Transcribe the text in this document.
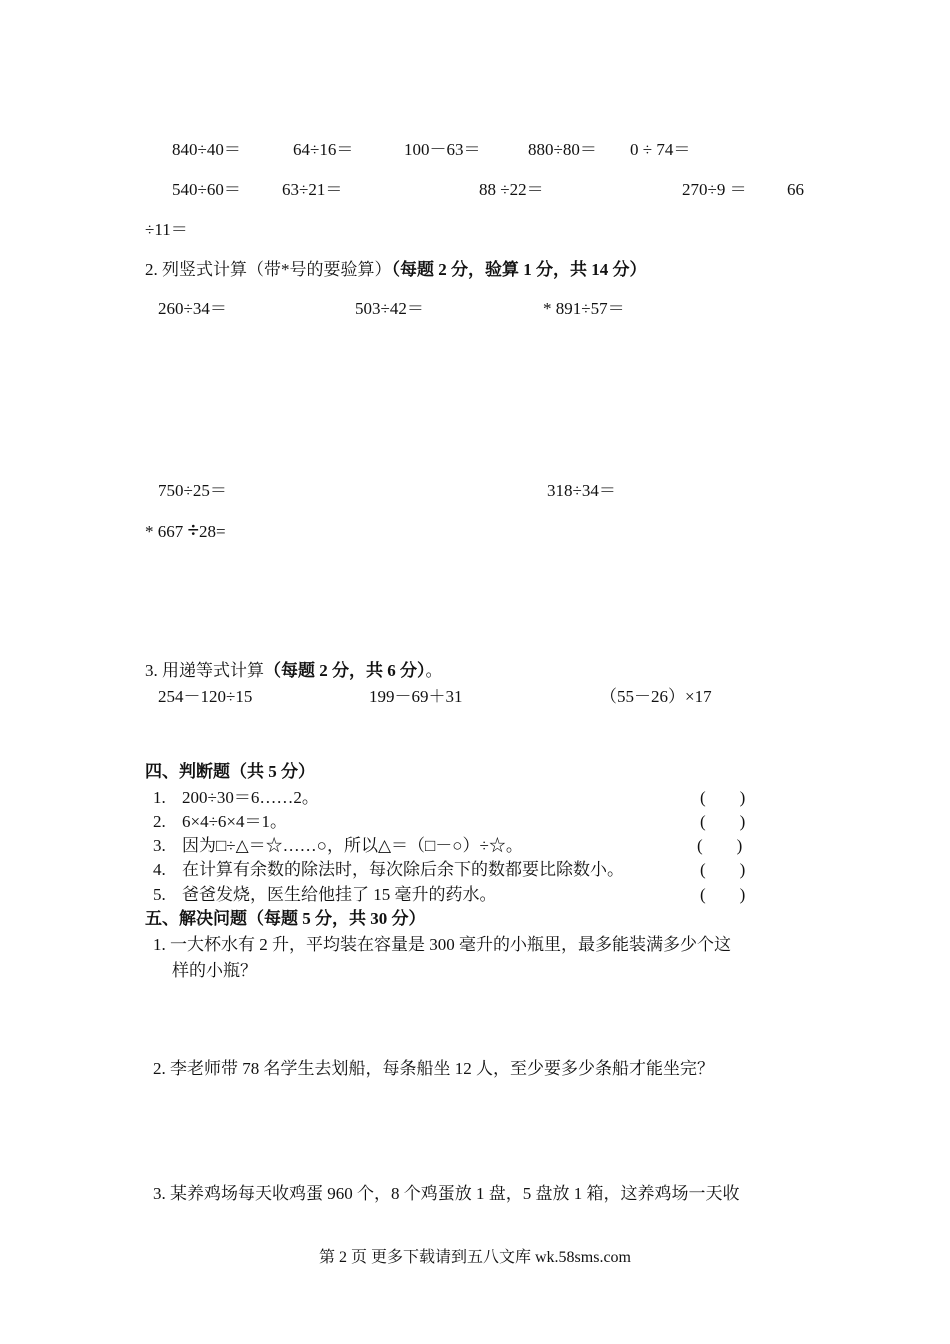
840÷40＝	64÷16＝	100－63＝	880÷80＝ 0 ÷ 74＝
540÷60＝ 63÷21＝	88 ÷22＝	270÷9 ＝ 66
÷11＝
2. 列竖式计算（带*号的要验算）（每题 2 分，验算 1 分，共 14 分）
260÷34＝	503÷42＝	* 891÷57＝
750÷25＝	318÷34＝
* 667 ÷28=
3. 用递等式计算（每题 2 分，共 6 分）。
254－120÷15	199－69＋31	（55－26）×17
四、判断题（共 5 分）
1. 200÷30＝6……2。	(        )
2. 6×4÷6×4＝1。	(        )
3. 因为□÷△＝☆……○，所以△＝（□－○）÷☆。	(        )
4. 在计算有余数的除法时，每次除后余下的数都要比除数小。	(        )
5. 爸爸发烧，医生给他挂了 15 毫升的药水。	(        )
五、解决问题（每题 5 分，共 30 分）
1. 一大杯水有 2 升，平均装在容量是 300 毫升的小瓶里，最多能装满多少个这
样的小瓶？
2. 李老师带 78 名学生去划船，每条船坐 12 人，至少要多少条船才能坐完？
3. 某养鸡场每天收鸡蛋 960 个，8 个鸡蛋放 1 盘，5 盘放 1 箱，这养鸡场一天收
第 2 页 更多下载请到五八文库 wk.58sms.com
